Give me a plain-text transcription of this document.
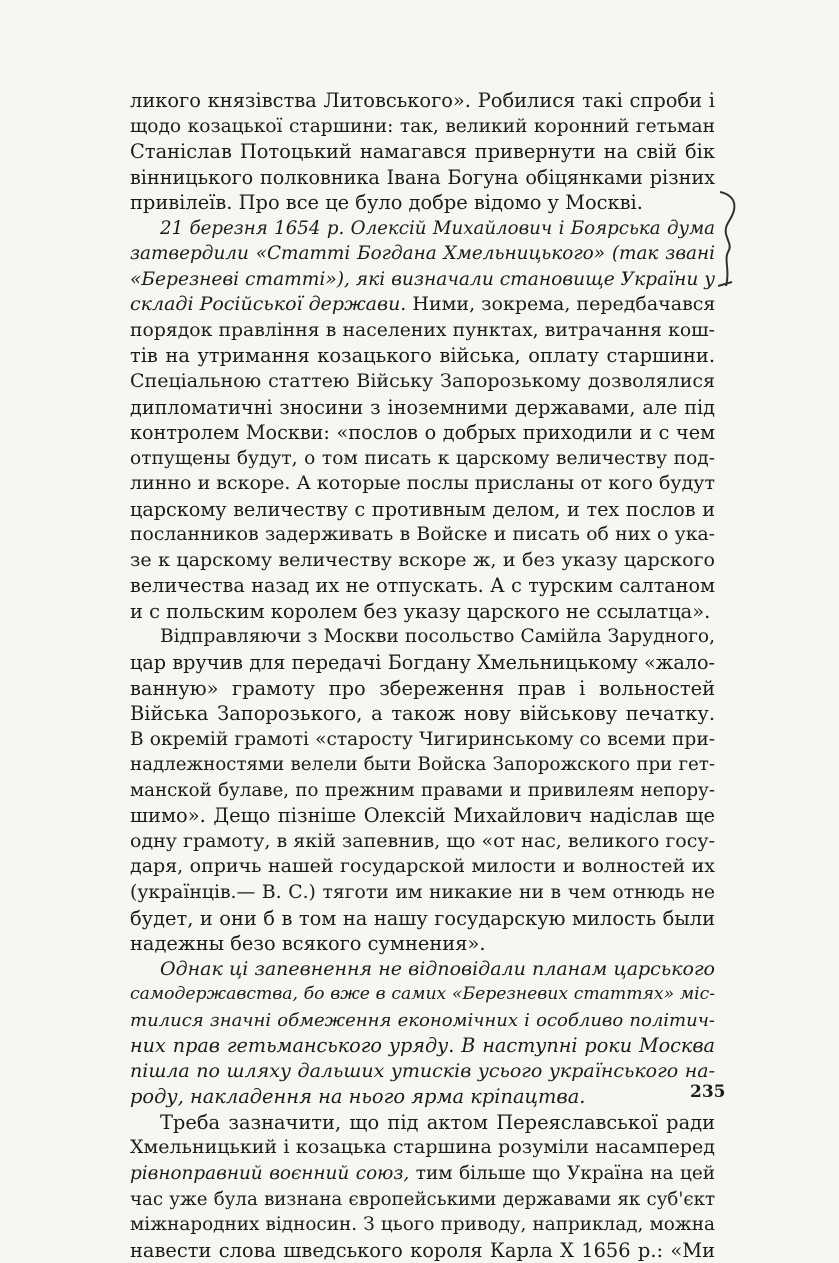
ликого князівства Литовського». Робилися такі спроби і
щодо козацької старшини: так, великий коронний гетьман
Станіслав Потоцький намагався привернути на свій бік
вінницького полковника Івана Богуна обіцянками різних
привілеїв. Про все це було добре відомо у Москві.
21 березня 1654 р. Олексій Михайлович і Боярська дума
затвердили «Статті Богдана Хмельницького» (так звані
«Березневі статті»), які визначали становище України у
складі Російської держави. Ними, зокрема, передбачався
порядок правління в населених пунктах, витрачання кош-
тів на утримання козацького війська, оплату старшини.
Спеціальною статтею Війську Запорозькому дозволялися
дипломатичні зносини з іноземними державами, але під
контролем Москви: «послов о добрых приходили и с чем
отпущены будут, о том писать к царскому величеству под-
линно и вскоре. А которые послы присланы от кого будут
царскому величеству с противным делом, и тех послов и
посланников задерживать в Войске и писать об них о ука-
зе к царскому величеству вскоре ж, и без указу царского
величества назад их не отпускать. А с турским салтаном
и с польским королем без указу царского не ссылатца».
Відправляючи з Москви посольство Самійла Зарудного,
цар вручив для передачі Богдану Хмельницькому «жало-
ванную» грамоту про збереження прав і вольностей
Війська Запорозького, а також нову військову печатку.
В окремій грамоті «старосту Чигиринському со всеми при-
надлежностями велели быти Войска Запорожского при гет-
манской булаве, по прежним правами и привилеям непору-
шимо». Дещо пізніше Олексій Михайлович надіслав ще
одну грамоту, в якій запевнив, що «от нас, великого госу-
даря, опричь нашей государской милости и волностей их
(українців.— В. С.) тяготи им никакие ни в чем отнюдь не
будет, и они б в том на нашу государскую милость были
надежны безо всякого сумнения».
Однак ці запевнення не відповідали планам царського
самодержавства, бо вже в самих «Березневих статтях» міс-
тилися значні обмеження економічних і особливо політич-
них прав гетьманського уряду. В наступні роки Москва
пішла по шляху дальших утисків усього українського на-
роду, накладення на нього ярма кріпацтва.
Треба зазначити, що під актом Переяславської ради
Хмельницький і козацька старшина розуміли насамперед
рівноправний воєнний союз, тим більше що Україна на цей
час уже була визнана європейськими державами як суб'єкт
міжнародних відносин. З цього приводу, наприклад, можна
навести слова шведського короля Карла X 1656 р.: «Ми
235
